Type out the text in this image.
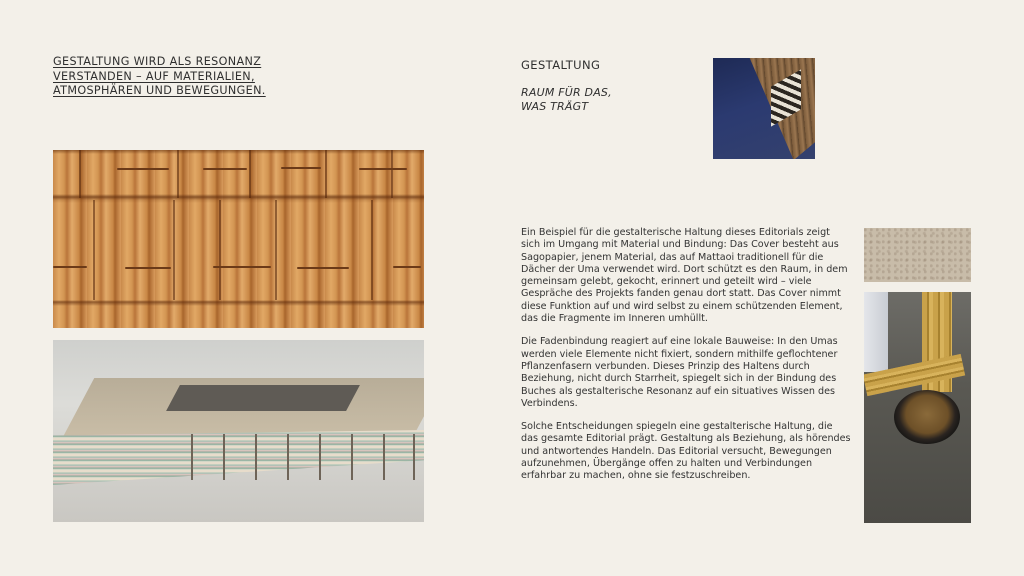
GESTALTUNG WIRD ALS RESONANZ
VERSTANDEN – AUF MATERIALIEN,
ATMOSPHÄREN UND BEWEGUNGEN.
GESTALTUNG
RAUM FÜR DAS,
WAS TRÄGT

Ein Beispiel für die gestalterische Haltung dieses Editorials zeigt sich im Umgang mit Material und Bindung: Das Cover besteht aus Sagopapier, jenem Material, das auf Mattaoi traditionell für die Dächer der Uma verwendet wird. Dort schützt es den Raum, in dem gemeinsam gelebt, gekocht, erinnert und geteilt wird – viele Gespräche des Projekts fanden genau dort statt. Das Cover nimmt diese Funktion auf und wird selbst zu einem schützenden Element, das die Fragmente im Inneren umhüllt.

Die Fadenbindung reagiert auf eine lokale Bauweise: In den Umas werden viele Elemente nicht fixiert, sondern mithilfe geflochtener Pflanzenfasern verbunden. Dieses Prinzip des Haltens durch Beziehung, nicht durch Starrheit, spiegelt sich in der Bindung des Buches als gestalterische Resonanz auf ein situatives Wissen des Verbindens.

Solche Entscheidungen spiegeln eine gestalterische Haltung, die das gesamte Editorial prägt. Gestaltung als Beziehung, als hörendes und antwortendes Handeln. Das Editorial versucht, Bewegungen aufzunehmen, Übergänge offen zu halten und Verbindungen erfahrbar zu machen, ohne sie festzuschreiben.
